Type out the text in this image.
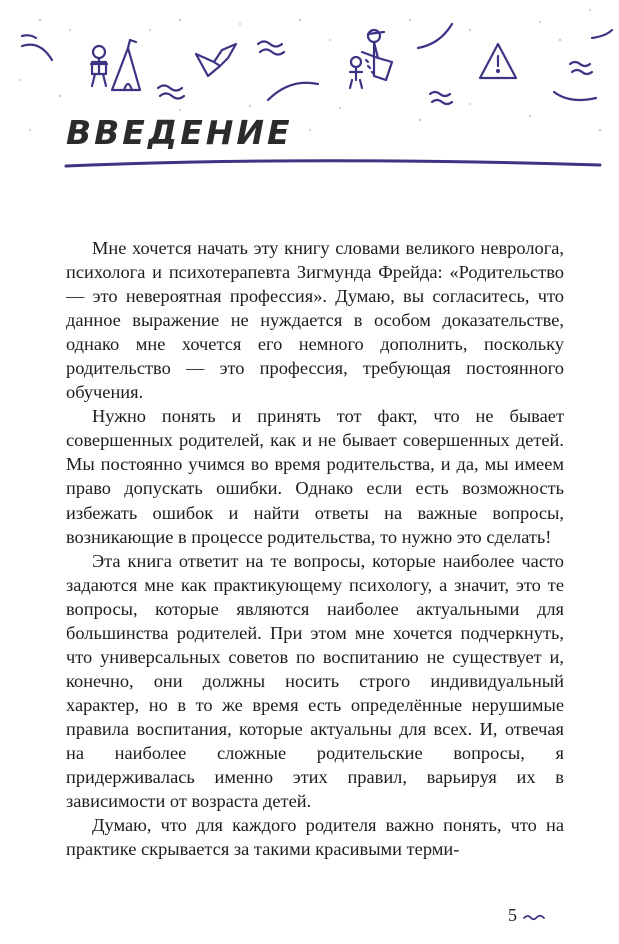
ВВЕДЕНИЕ

Мне хочется начать эту книгу словами великого невролога, психолога и психотерапевта Зигмунда Фрейда: «Родительство — это невероятная профессия». Думаю, вы согласитесь, что данное выражение не нуждается в особом доказательстве, однако мне хочется его немного дополнить, поскольку родительство — это профессия, требующая постоянного обучения.

Нужно понять и принять тот факт, что не бывает совершенных родителей, как и не бывает совершенных детей. Мы постоянно учимся во время родительства, и да, мы имеем право допускать ошибки. Однако если есть возможность избежать ошибок и найти ответы на важные вопросы, возникающие в процессе родительства, то нужно это сделать!

Эта книга ответит на те вопросы, которые наиболее часто задаются мне как практикующему психологу, а значит, это те вопросы, которые являются наиболее актуальными для большинства родителей. При этом мне хочется подчеркнуть, что универсальных советов по воспитанию не существует и, конечно, они должны носить строго индивидуальный характер, но в то же время есть определённые нерушимые правила воспитания, которые актуальны для всех. И, отвечая на наиболее сложные родительские вопросы, я придерживалась именно этих правил, варьируя их в зависимости от возраста детей.

Думаю, что для каждого родителя важно понять, что на практике скрывается за такими красивыми терми-

5
